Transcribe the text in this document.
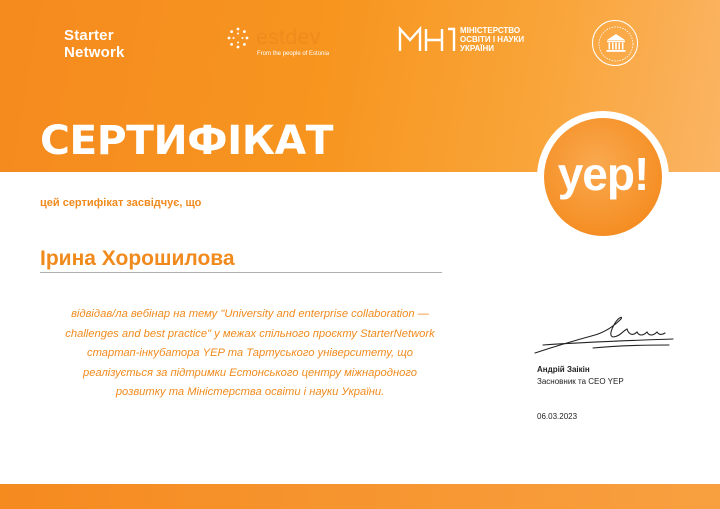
Starter
Network
estdev
From the people of Estonia
МІНІСТЕРСТВО
ОСВІТИ І НАУКИ
УКРАЇНИ
СЕРТИФІКАТ
yep!
цей сертифікат засвідчує, що
Ірина Хорошилова
відвідав/ла вебінар на тему "University and enterprise collaboration —
challenges and best practice" у межах спільного проєкту StarterNetwork
стартап-інкубатора YEP та Тартуського університету, що
реалізується за підтримки Естонського центру міжнародного
розвитку та Міністерства освіти і науки України.
Андрій Заікін
Засновник та CEO YEP
06.03.2023
